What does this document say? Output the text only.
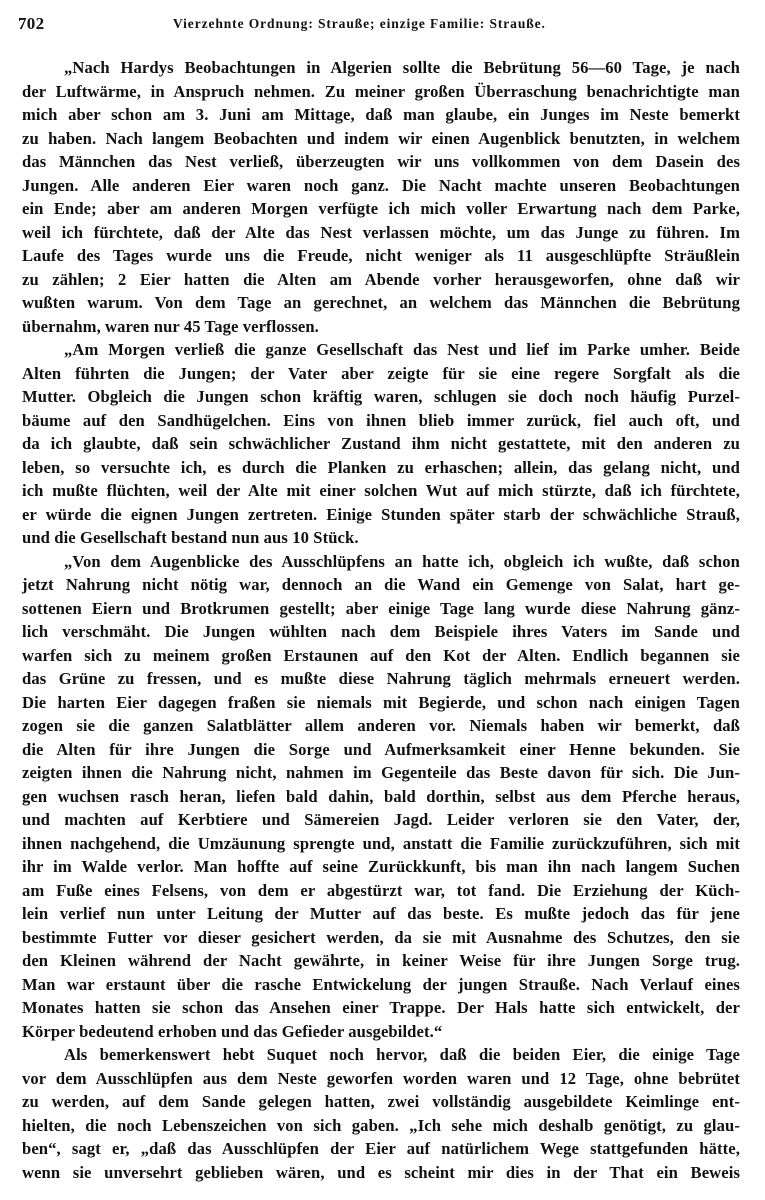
702	Vierzehnte Ordnung: Strauße; einzige Familie: Strauße.
„Nach Hardys Beobachtungen in Algerien sollte die Bebrütung 56—60 Tage, je nach
der Luftwärme, in Anspruch nehmen. Zu meiner großen Überraschung benachrichtigte man
mich aber schon am 3. Juni am Mittage, daß man glaube, ein Junges im Neste bemerkt
zu haben. Nach langem Beobachten und indem wir einen Augenblick benutzten, in welchem
das Männchen das Nest verließ, überzeugten wir uns vollkommen von dem Dasein des
Jungen. Alle anderen Eier waren noch ganz. Die Nacht machte unseren Beobachtungen
ein Ende; aber am anderen Morgen verfügte ich mich voller Erwartung nach dem Parke,
weil ich fürchtete, daß der Alte das Nest verlassen möchte, um das Junge zu führen. Im
Laufe des Tages wurde uns die Freude, nicht weniger als 11 ausgeschlüpfte Sträußlein
zu zählen; 2 Eier hatten die Alten am Abende vorher herausgeworfen, ohne daß wir
wußten warum. Von dem Tage an gerechnet, an welchem das Männchen die Bebrütung
übernahm, waren nur 45 Tage verflossen.
„Am Morgen verließ die ganze Gesellschaft das Nest und lief im Parke umher. Beide
Alten führten die Jungen; der Vater aber zeigte für sie eine regere Sorgfalt als die
Mutter. Obgleich die Jungen schon kräftig waren, schlugen sie doch noch häufig Purzel-
bäume auf den Sandhügelchen. Eins von ihnen blieb immer zurück, fiel auch oft, und
da ich glaubte, daß sein schwächlicher Zustand ihm nicht gestattete, mit den anderen zu
leben, so versuchte ich, es durch die Planken zu erhaschen; allein, das gelang nicht, und
ich mußte flüchten, weil der Alte mit einer solchen Wut auf mich stürzte, daß ich fürchtete,
er würde die eignen Jungen zertreten. Einige Stunden später starb der schwächliche Strauß,
und die Gesellschaft bestand nun aus 10 Stück.
„Von dem Augenblicke des Ausschlüpfens an hatte ich, obgleich ich wußte, daß schon
jetzt Nahrung nicht nötig war, dennoch an die Wand ein Gemenge von Salat, hart ge-
sottenen Eiern und Brotkrumen gestellt; aber einige Tage lang wurde diese Nahrung gänz-
lich verschmäht. Die Jungen wühlten nach dem Beispiele ihres Vaters im Sande und
warfen sich zu meinem großen Erstaunen auf den Kot der Alten. Endlich begannen sie
das Grüne zu fressen, und es mußte diese Nahrung täglich mehrmals erneuert werden.
Die harten Eier dagegen fraßen sie niemals mit Begierde, und schon nach einigen Tagen
zogen sie die ganzen Salatblätter allem anderen vor. Niemals haben wir bemerkt, daß
die Alten für ihre Jungen die Sorge und Aufmerksamkeit einer Henne bekunden. Sie
zeigten ihnen die Nahrung nicht, nahmen im Gegenteile das Beste davon für sich. Die Jun-
gen wuchsen rasch heran, liefen bald dahin, bald dorthin, selbst aus dem Pferche heraus,
und machten auf Kerbtiere und Sämereien Jagd. Leider verloren sie den Vater, der,
ihnen nachgehend, die Umzäunung sprengte und, anstatt die Familie zurückzuführen, sich mit
ihr im Walde verlor. Man hoffte auf seine Zurückkunft, bis man ihn nach langem Suchen
am Fuße eines Felsens, von dem er abgestürzt war, tot fand. Die Erziehung der Küch-
lein verlief nun unter Leitung der Mutter auf das beste. Es mußte jedoch das für jene
bestimmte Futter vor dieser gesichert werden, da sie mit Ausnahme des Schutzes, den sie
den Kleinen während der Nacht gewährte, in keiner Weise für ihre Jungen Sorge trug.
Man war erstaunt über die rasche Entwickelung der jungen Strauße. Nach Verlauf eines
Monates hatten sie schon das Ansehen einer Trappe. Der Hals hatte sich entwickelt, der
Körper bedeutend erhoben und das Gefieder ausgebildet.“
Als bemerkenswert hebt Suquet noch hervor, daß die beiden Eier, die einige Tage
vor dem Ausschlüpfen aus dem Neste geworfen worden waren und 12 Tage, ohne bebrütet
zu werden, auf dem Sande gelegen hatten, zwei vollständig ausgebildete Keimlinge ent-
hielten, die noch Lebenszeichen von sich gaben. „Ich sehe mich deshalb genötigt, zu glau-
ben“, sagt er, „daß das Ausschlüpfen der Eier auf natürlichem Wege stattgefunden hätte,
wenn sie unversehrt geblieben wären, und es scheint mir dies in der That ein Beweis
